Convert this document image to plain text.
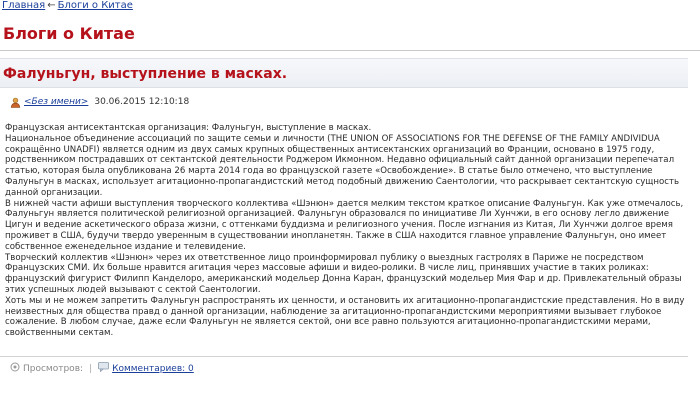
Главная ← Блоги о Китае
Блоги о Китае
Фалуньгун, выступление в масках.
<Без имени> 30.06.2015 12:10:18

Французская антисектантская организация: Фалуньгун, выступление в масках.

Национальное объединение ассоциаций по защите семьи и личности (THE UNION OF ASSOCIATIONS FOR THE DEFENSE OF THE FAMILY ANDIVIDUA сокращённо UNADFI) является одним из двух самых крупных общественных антисектанских организаций во Франции, основано в 1975 году, родственником пострадавших от сектантской деятельности Роджером Икмонном. Недавно официальный сайт данной организации перепечатал статью, которая была опубликована 26 марта 2014 года во французской газете «Освобождение». В статье было отмечено, что выступление Фалуньгун в масках, использует агитационно-пропагандистский метод подобный движению Саентологии, что раскрывает сектантскую сущность данной организации.

В нижней части афиши выступления творческого коллектива «Шэнюн» дается мелким текстом краткое описание Фалуньгун. Как уже отмечалось, Фалуньгун является политической религиозной организацией. Фалуньгун образовался по инициативе Ли Хунчжи, в его основу легло движение Цигун и ведение аскетического образа жизни, с оттенками буддизма и религиозного учения. После изгнания из Китая, Ли Хунчжи долгое время проживет в США, будучи твердо уверенным в существовании инопланетян. Также в США находится главное управление Фалуньгун, оно имеет собственное еженедельное издание и телевидение.

Творческий коллектив «Шэнюн» через их ответственное лицо проинформировал публику о выездных гастролях в Париже не посредством Французских СМИ. Их больше нравится агитация через массовые афиши и видео-ролики. В числе лиц, принявших участие в таких роликах: французский фигурист Филипп Канделоро, американский модельер Донна Каран, французский модельер Мия Фар и др. Привлекательный образы этих успешных людей вызывают с сектой Саентологии.

Хоть мы и не можем запретить Фалуньгун распространять их ценности, и остановить их агитационно-пропагандистские представления. Но в виду неизвестных для общества правд о данной организации, наблюдение за агитационно-пропагандистскими мероприятиями вызывает глубокое сожаление. В любом случае, даже если Фалуньгун не является сектой, они все равно пользуются агитационно-пропагандистскими мерами, свойственными сектам.

Просмотров: | Комментариев: 0
